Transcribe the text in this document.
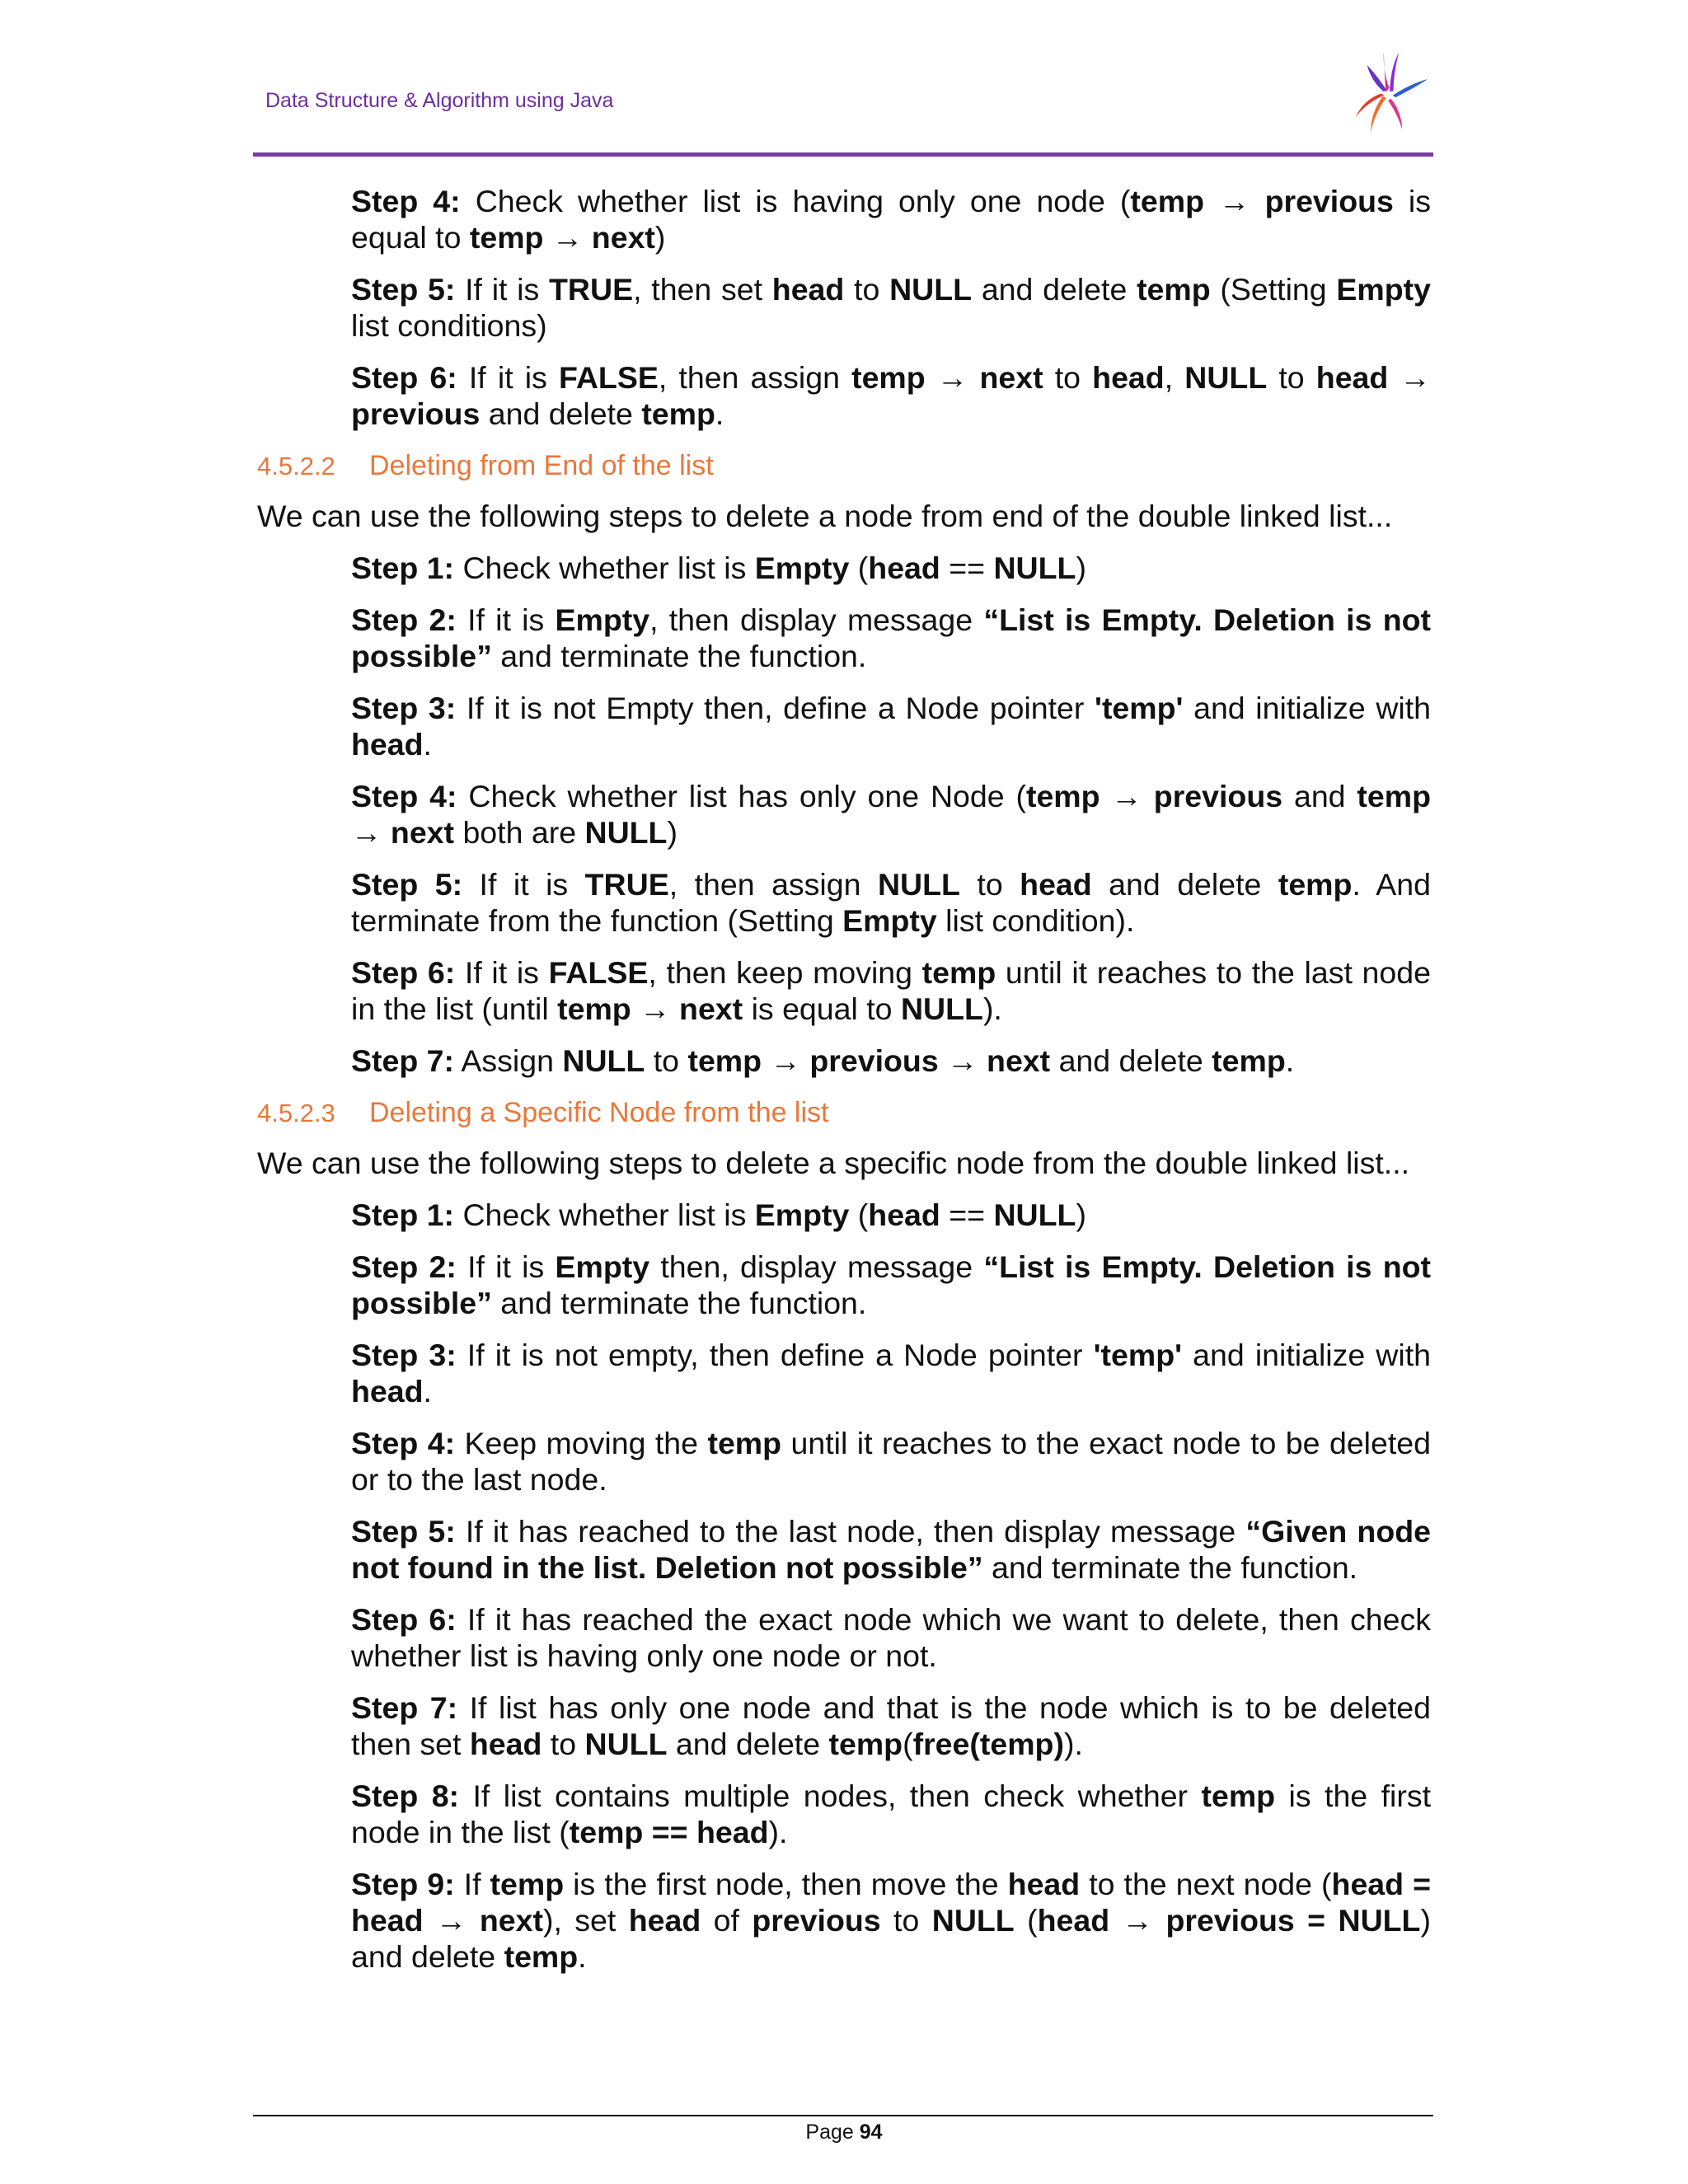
Data Structure & Algorithm using Java
Step 4: Check whether list is having only one node (temp → previous is equal to temp → next)
Step 5: If it is TRUE, then set head to NULL and delete temp (Setting Empty list conditions)
Step 6: If it is FALSE, then assign temp → next to head, NULL to head → previous and delete temp.
4.5.2.2 Deleting from End of the list
We can use the following steps to delete a node from end of the double linked list...
Step 1: Check whether list is Empty (head == NULL)
Step 2: If it is Empty, then display message “List is Empty. Deletion is not possible” and terminate the function.
Step 3: If it is not Empty then, define a Node pointer 'temp' and initialize with head.
Step 4: Check whether list has only one Node (temp → previous and temp → next both are NULL)
Step 5: If it is TRUE, then assign NULL to head and delete temp. And terminate from the function (Setting Empty list condition).
Step 6: If it is FALSE, then keep moving temp until it reaches to the last node in the list (until temp → next is equal to NULL).
Step 7: Assign NULL to temp → previous → next and delete temp.
4.5.2.3 Deleting a Specific Node from the list
We can use the following steps to delete a specific node from the double linked list...
Step 1: Check whether list is Empty (head == NULL)
Step 2: If it is Empty then, display message “List is Empty. Deletion is not possible” and terminate the function.
Step 3: If it is not empty, then define a Node pointer 'temp' and initialize with head.
Step 4: Keep moving the temp until it reaches to the exact node to be deleted or to the last node.
Step 5: If it has reached to the last node, then display message “Given node not found in the list. Deletion not possible” and terminate the function.
Step 6: If it has reached the exact node which we want to delete, then check whether list is having only one node or not.
Step 7: If list has only one node and that is the node which is to be deleted then set head to NULL and delete temp(free(temp)).
Step 8: If list contains multiple nodes, then check whether temp is the first node in the list (temp == head).
Step 9: If temp is the first node, then move the head to the next node (head = head → next), set head of previous to NULL (head → previous = NULL) and delete temp.
Page 94
